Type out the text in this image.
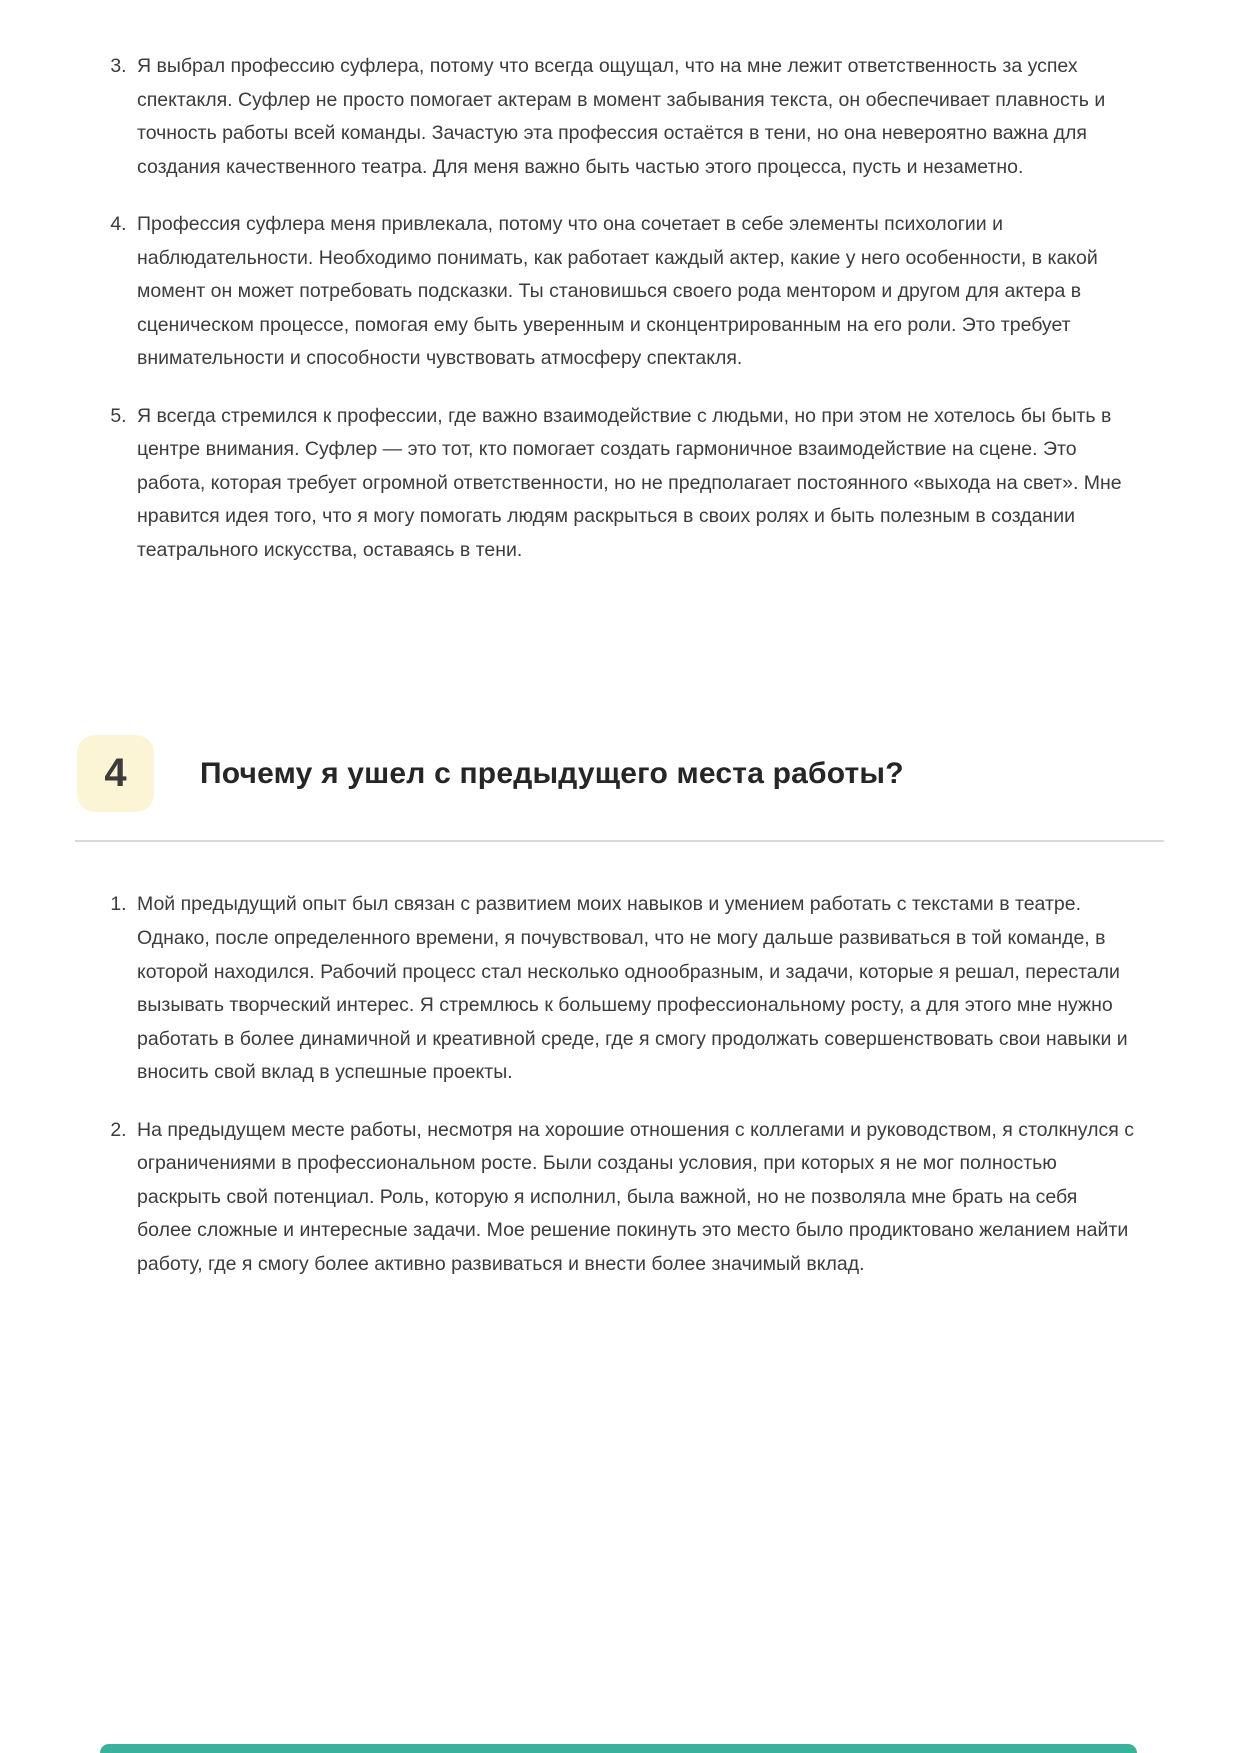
3. Я выбрал профессию суфлера, потому что всегда ощущал, что на мне лежит ответственность за успех спектакля. Суфлер не просто помогает актерам в момент забывания текста, он обеспечивает плавность и точность работы всей команды. Зачастую эта профессия остаётся в тени, но она невероятно важна для создания качественного театра. Для меня важно быть частью этого процесса, пусть и незаметно.
4. Профессия суфлера меня привлекала, потому что она сочетает в себе элементы психологии и наблюдательности. Необходимо понимать, как работает каждый актер, какие у него особенности, в какой момент он может потребовать подсказки. Ты становишься своего рода ментором и другом для актера в сценическом процессе, помогая ему быть уверенным и сконцентрированным на его роли. Это требует внимательности и способности чувствовать атмосферу спектакля.
5. Я всегда стремился к профессии, где важно взаимодействие с людьми, но при этом не хотелось бы быть в центре внимания. Суфлер — это тот, кто помогает создать гармоничное взаимодействие на сцене. Это работа, которая требует огромной ответственности, но не предполагает постоянного «выхода на свет». Мне нравится идея того, что я могу помогать людям раскрыться в своих ролях и быть полезным в создании театрального искусства, оставаясь в тени.
4	Почему я ушел с предыдущего места работы?
1. Мой предыдущий опыт был связан с развитием моих навыков и умением работать с текстами в театре. Однако, после определенного времени, я почувствовал, что не могу дальше развиваться в той команде, в которой находился. Рабочий процесс стал несколько однообразным, и задачи, которые я решал, перестали вызывать творческий интерес. Я стремлюсь к большему профессиональному росту, а для этого мне нужно работать в более динамичной и креативной среде, где я смогу продолжать совершенствовать свои навыки и вносить свой вклад в успешные проекты.
2. На предыдущем месте работы, несмотря на хорошие отношения с коллегами и руководством, я столкнулся с ограничениями в профессиональном росте. Были созданы условия, при которых я не мог полностью раскрыть свой потенциал. Роль, которую я исполнил, была важной, но не позволяла мне брать на себя более сложные и интересные задачи. Мое решение покинуть это место было продиктовано желанием найти работу, где я смогу более активно развиваться и внести более значимый вклад.
